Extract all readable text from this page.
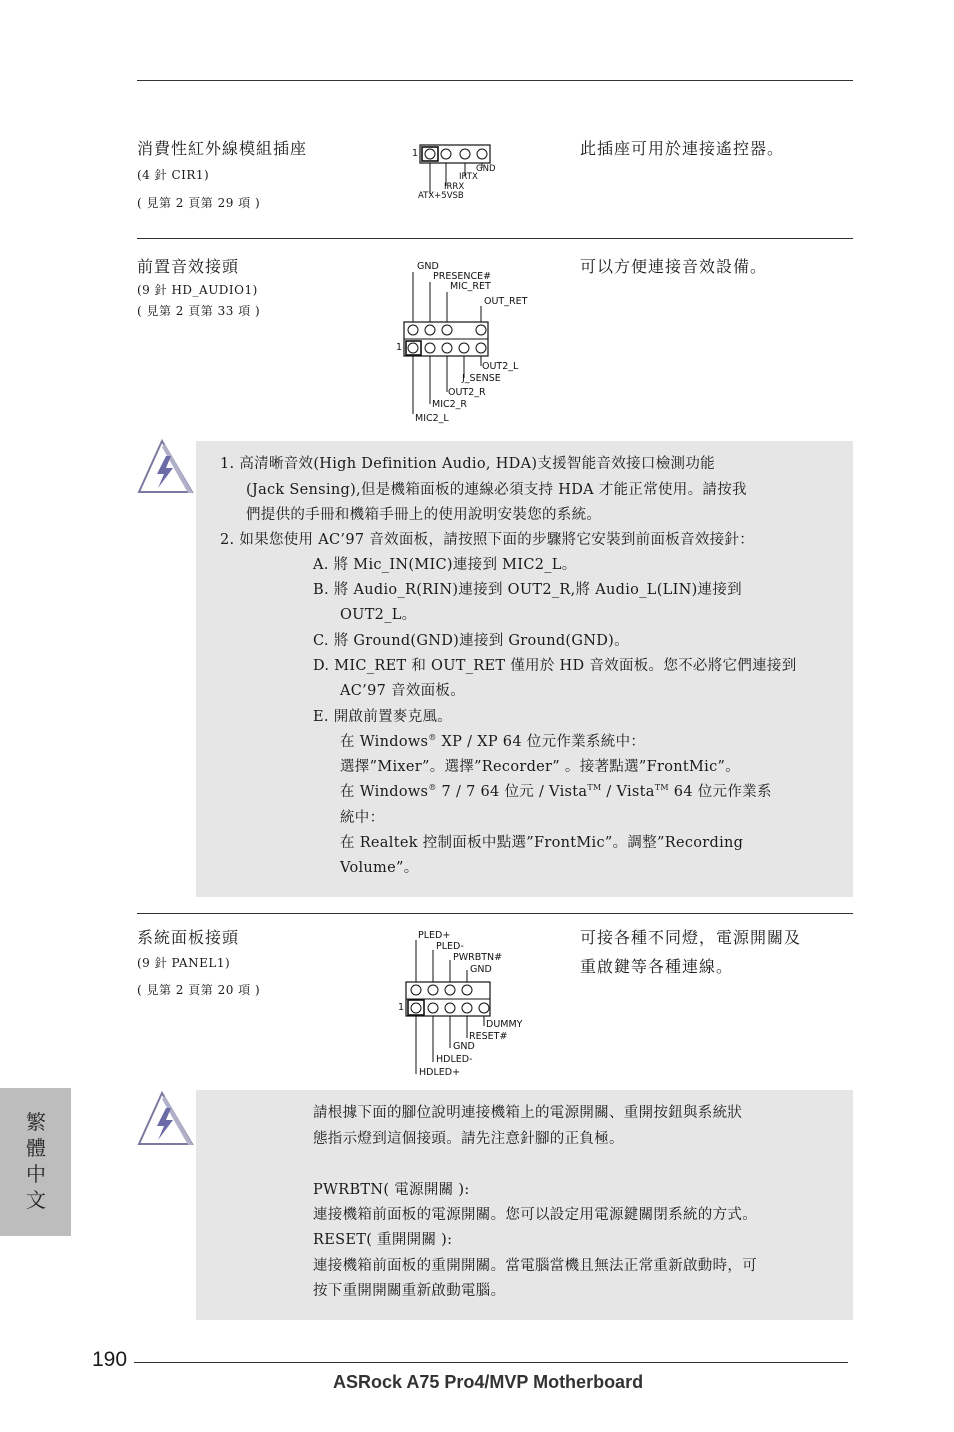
消費性紅外線模組插座
(4 針 CIR1)
( 見第 2 頁第 29 項 )
此插座可用於連接遙控器。
1
GND
IRTX
IRRX
ATX+5VSB
前置音效接頭
(9 針 HD_AUDIO1)
( 見第 2 頁第 33 項 )
可以方便連接音效設備。
1
GND
PRESENCE#
MIC_RET
OUT_RET
OUT2_L
J_SENSE
OUT2_R
MIC2_R
MIC2_L
1. 高清晰音效(High Definition Audio, HDA)支援智能音效接口檢測功能
(Jack Sensing),但是機箱面板的連線必須支持 HDA 才能正常使用。請按我
們提供的手冊和機箱手冊上的使用說明安裝您的系統。
2. 如果您使用 AC’97 音效面板，請按照下面的步驟將它安裝到前面板音效接針：
A. 將 Mic_IN(MIC)連接到 MIC2_L。
B. 將 Audio_R(RIN)連接到 OUT2_R,將 Audio_L(LIN)連接到
OUT2_L。
C. 將 Ground(GND)連接到 Ground(GND)。
D. MIC_RET 和 OUT_RET 僅用於 HD 音效面板。您不必將它們連接到
AC’97 音效面板。
E. 開啟前置麥克風。
在 Windows® XP / XP 64 位元作業系統中：
選擇”Mixer”。選擇”Recorder” 。接著點選”FrontMic”。
在 Windows® 7 / 7 64 位元 / Vista™ / Vista™ 64 位元作業系
統中：
在 Realtek 控制面板中點選”FrontMic”。調整”Recording
Volume”。
系統面板接頭
(9 針 PANEL1)
( 見第 2 頁第 20 項 )
可接各種不同燈，電源開關及
重啟鍵等各種連線。
1
PLED+
PLED-
PWRBTN#
GND
DUMMY
RESET#
GND
HDLED-
HDLED+
請根據下面的腳位說明連接機箱上的電源開關、重開按鈕與系統狀
態指示燈到這個接頭。請先注意針腳的正負極。
PWRBTN( 電源開關 ):
連接機箱前面板的電源開關。您可以設定用電源鍵關閉系統的方式。
RESET( 重開開關 ):
連接機箱前面板的重開開關。當電腦當機且無法正常重新啟動時，可
按下重開開關重新啟動電腦。
繁
體
中
文
190
ASRock A75 Pro4/MVP Motherboard
